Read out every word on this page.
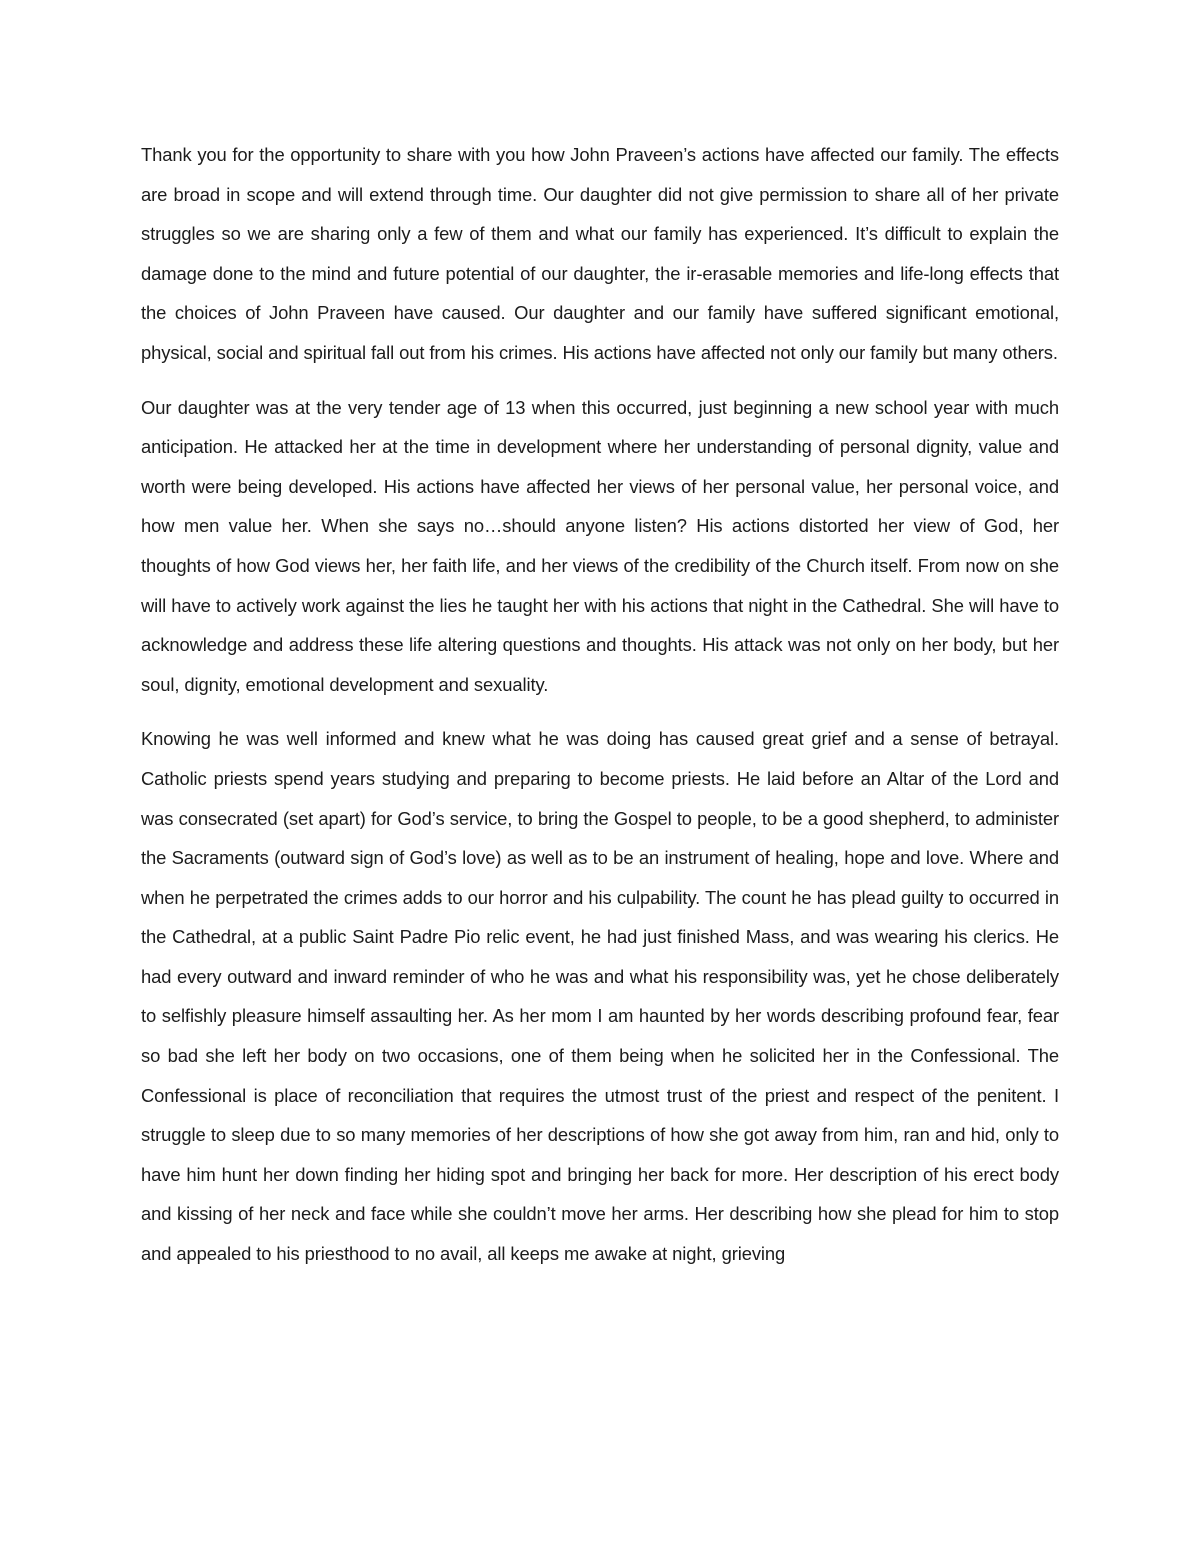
Thank you for the opportunity to share with you how John Praveen’s actions have affected our family. The effects are broad in scope and will extend through time. Our daughter did not give permission to share all of her private struggles so we are sharing only a few of them and what our family has experienced. It’s difficult to explain the damage done to the mind and future potential of our daughter, the ir-erasable memories and life-long effects that the choices of John Praveen have caused. Our daughter and our family have suffered significant emotional, physical, social and spiritual fall out from his crimes. His actions have affected not only our family but many others.

Our daughter was at the very tender age of 13 when this occurred, just beginning a new school year with much anticipation. He attacked her at the time in development where her understanding of personal dignity, value and worth were being developed. His actions have affected her views of her personal value, her personal voice, and how men value her. When she says no…should anyone listen? His actions distorted her view of God, her thoughts of how God views her, her faith life, and her views of the credibility of the Church itself. From now on she will have to actively work against the lies he taught her with his actions that night in the Cathedral. She will have to acknowledge and address these life altering questions and thoughts. His attack was not only on her body, but her soul, dignity, emotional development and sexuality.

Knowing he was well informed and knew what he was doing has caused great grief and a sense of betrayal. Catholic priests spend years studying and preparing to become priests. He laid before an Altar of the Lord and was consecrated (set apart) for God’s service, to bring the Gospel to people, to be a good shepherd, to administer the Sacraments (outward sign of God’s love) as well as to be an instrument of healing, hope and love. Where and when he perpetrated the crimes adds to our horror and his culpability. The count he has plead guilty to occurred in the Cathedral, at a public Saint Padre Pio relic event, he had just finished Mass, and was wearing his clerics. He had every outward and inward reminder of who he was and what his responsibility was, yet he chose deliberately to selfishly pleasure himself assaulting her. As her mom I am haunted by her words describing profound fear, fear so bad she left her body on two occasions, one of them being when he solicited her in the Confessional. The Confessional is place of reconciliation that requires the utmost trust of the priest and respect of the penitent. I struggle to sleep due to so many memories of her descriptions of how she got away from him, ran and hid, only to have him hunt her down finding her hiding spot and bringing her back for more. Her description of his erect body and kissing of her neck and face while she couldn’t move her arms. Her describing how she plead for him to stop and appealed to his priesthood to no avail, all keeps me awake at night, grieving
